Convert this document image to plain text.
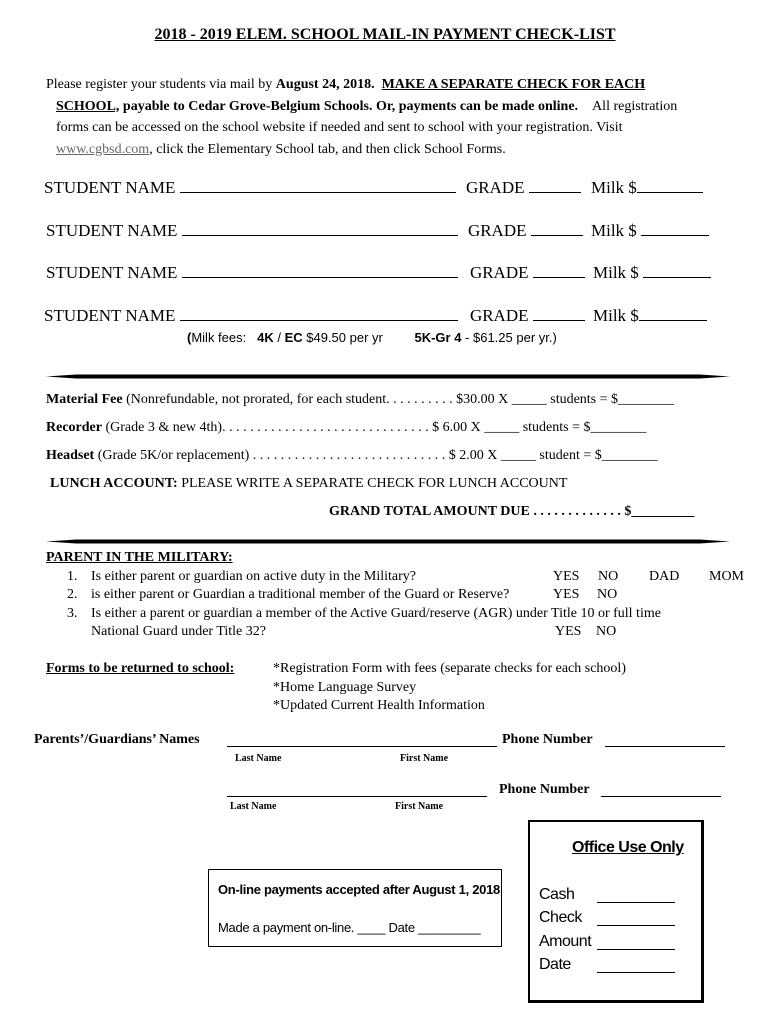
2018 - 2019 ELEM. SCHOOL MAIL-IN PAYMENT CHECK-LIST
Please register your students via mail by August 24, 2018. MAKE A SEPARATE CHECK FOR EACH
SCHOOL, payable to Cedar Grove-Belgium Schools. Or, payments can be made online. All registration
forms can be accessed on the school website if needed and sent to school with your registration. Visit
www.cgbsd.com, click the Elementary School tab, and then click School Forms.
STUDENT NAME	GRADE	Milk $
STUDENT NAME	GRADE	Milk $
STUDENT NAME	GRADE	Milk $
STUDENT NAME	GRADE	Milk $
(Milk fees: 4K / EC $49.50 per yr 5K-Gr 4 - $61.25 per yr.)
Material Fee (Nonrefundable, not prorated, for each student. . . . . . . . . . $30.00 X _____ students = $________
Recorder (Grade 3 & new 4th). . . . . . . . . . . . . . . . . . . . . . . . . . . . . . $ 6.00 X _____ students = $________
Headset (Grade 5K/or replacement) . . . . . . . . . . . . . . . . . . . . . . . . . . . . $ 2.00 X _____ student = $________
LUNCH ACCOUNT: PLEASE WRITE A SEPARATE CHECK FOR LUNCH ACCOUNT
GRAND TOTAL AMOUNT DUE . . . . . . . . . . . . . $_________
PARENT IN THE MILITARY:
1. Is either parent or guardian on active duty in the Military?	YES NO DAD MOM
2. is either parent or Guardian a traditional member of the Guard or Reserve?	YES NO
3. Is either a parent or guardian a member of the Active Guard/reserve (AGR) under Title 10 or full time
National Guard under Title 32?	YES NO
Forms to be returned to school:	*Registration Form with fees (separate checks for each school)
*Home Language Survey
*Updated Current Health Information
Parents’/Guardians’ Names	Phone Number
Last Name	First Name
Phone Number
Last Name	First Name
On-line payments accepted after August 1, 2018
Made a payment on-line. ____ Date _________
Office Use Only
Cash
Check
Amount
Date
